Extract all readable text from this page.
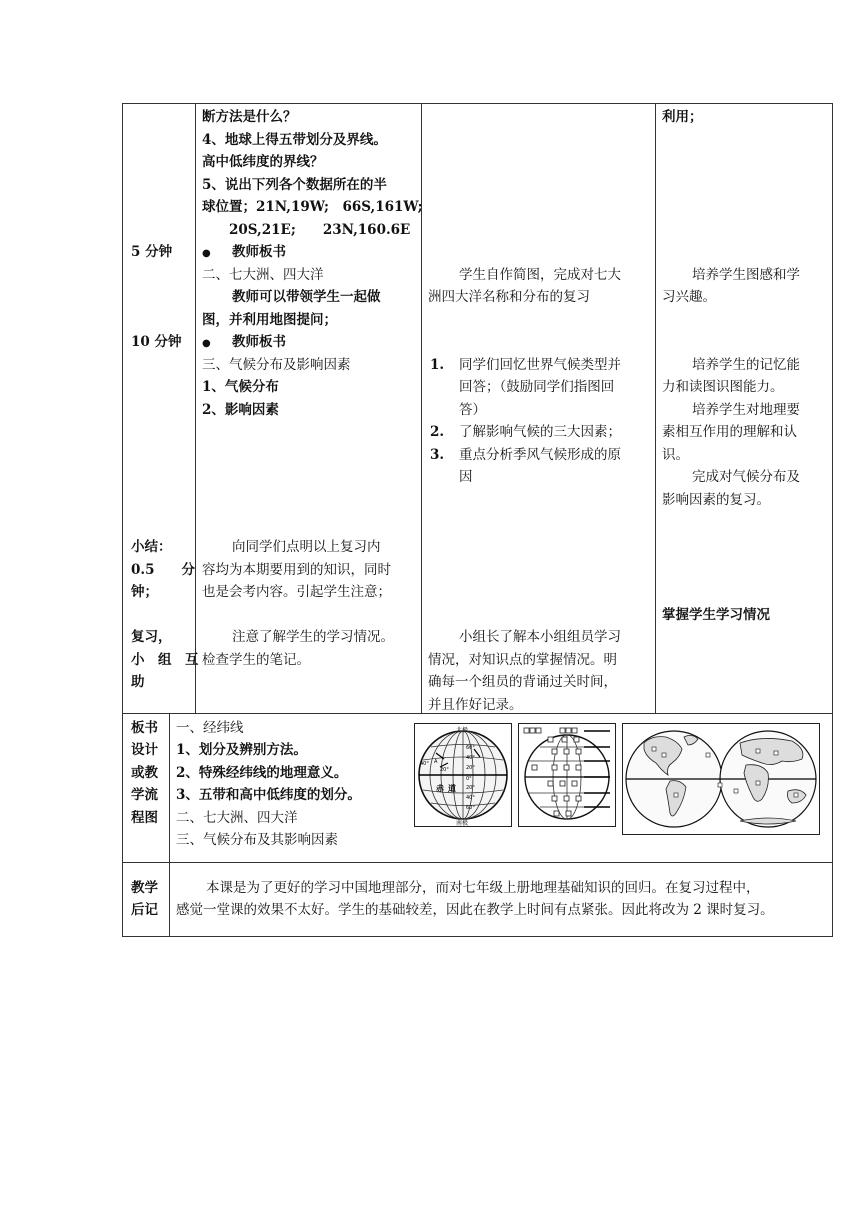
5 分钟
10 分钟
小结：
0.5　　分
钟；
复习，
小　组　互
助
断方法是什么？
4、地球上得五带划分及界线。
高中低纬度的界线？
5、说出下列各个数据所在的半
球位置；21N,19W;　66S,161W;
　　20S,21E;　　23N,160.6E
● 教师板书
二、七大洲、四大洋
教师可以带领学生一起做
图，并利用地图提问；
● 教师板书
三、气候分布及影响因素
1、气候分布
2、影响因素
向同学们点明以上复习内
容均为本期要用到的知识，同时
也是会考内容。引起学生注意；
注意了解学生的学习情况。
检查学生的笔记。
学生自作简图，完成对七大
洲四大洋名称和分布的复习
1. 同学们回忆世界气候类型并
回答；（鼓励同学们指图回
答）
2. 了解影响气候的三大因素；
3. 重点分析季风气候形成的原
因
小组长了解本小组组员学习
情况，对知识点的掌握情况。明
确每一个组员的背诵过关时间，
并且作好记录。
利用；
培养学生图感和学
习兴趣。
培养学生的记忆能
力和读图识图能力。
培养学生对地理要
素相互作用的理解和认
识。
完成对气候分布及
影响因素的复习。
掌握学生学习情况
板书
设计
或教
学流
程图
一、经纬线
1、划分及辨别方法。
2、特殊经纬线的地理意义。
3、五带和高中低纬度的划分。
二、七大洲、四大洋
三、气候分布及其影响因素
北极
南极
赤 道
40° A
20°
60°
40°
20°
0°
20°
40°
60°
教学
后记
本课是为了更好的学习中国地理部分，而对七年级上册地理基础知识的回归。在复习过程中，
感觉一堂课的效果不太好。学生的基础较差，因此在教学上时间有点紧张。因此将改为 2 课时复习。
